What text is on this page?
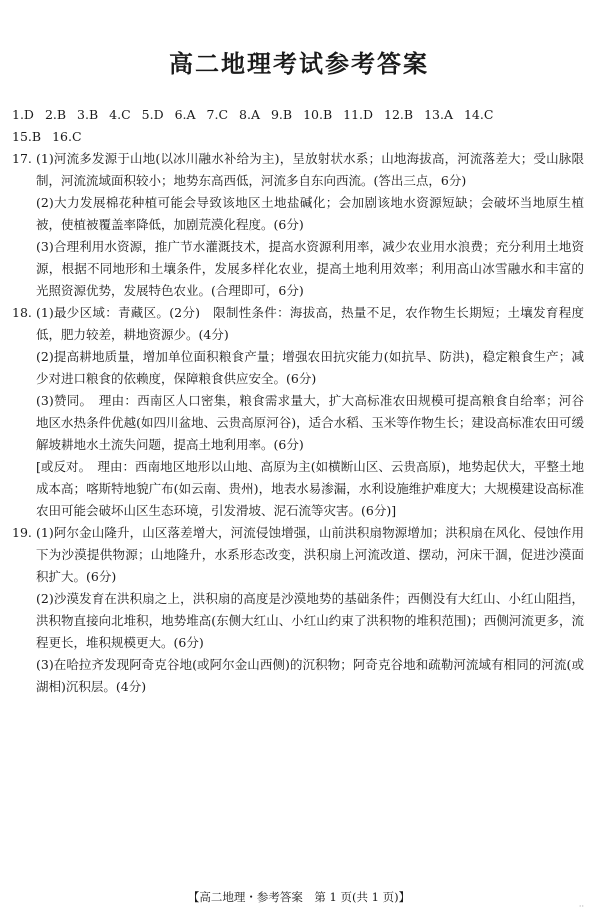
高二地理考试参考答案
1.D 2.B 3.B 4.C 5.D 6.A 7.C 8.A 9.B 10.B 11.D 12.B 13.A 14.C
15.B 16.C
17. (1)河流多发源于山地(以冰川融水补给为主)，呈放射状水系；山地海拔高，河流落差大；受山脉限制，河流流域面积较小；地势东高西低，河流多自东向西流。(答出三点，6分)

(2)大力发展棉花种植可能会导致该地区土地盐碱化；会加剧该地水资源短缺；会破坏当地原生植被，使植被覆盖率降低，加剧荒漠化程度。(6分)

(3)合理利用水资源，推广节水灌溉技术，提高水资源利用率，减少农业用水浪费；充分利用土地资源，根据不同地形和土壤条件，发展多样化农业，提高土地利用效率；利用高山冰雪融水和丰富的光照资源优势，发展特色农业。(合理即可，6分)

18. (1)最少区域：青藏区。(2分)　限制性条件：海拔高，热量不足，农作物生长期短；土壤发育程度低，肥力较差，耕地资源少。(4分)

(2)提高耕地质量，增加单位面积粮食产量；增强农田抗灾能力(如抗旱、防洪)，稳定粮食生产；减少对进口粮食的依赖度，保障粮食供应安全。(6分)

(3)赞同。　理由：西南区人口密集，粮食需求量大，扩大高标准农田规模可提高粮食自给率；河谷地区水热条件优越(如四川盆地、云贵高原河谷)，适合水稻、玉米等作物生长；建设高标准农田可缓解坡耕地水土流失问题，提高土地利用率。(6分)

[或反对。　理由：西南地区地形以山地、高原为主(如横断山区、云贵高原)，地势起伏大，平整土地成本高；喀斯特地貌广布(如云南、贵州)，地表水易渗漏，水利设施维护难度大；大规模建设高标准农田可能会破坏山区生态环境，引发滑坡、泥石流等灾害。(6分)]

19. (1)阿尔金山隆升，山区落差增大，河流侵蚀增强，山前洪积扇物源增加；洪积扇在风化、侵蚀作用下为沙漠提供物源；山地隆升，水系形态改变，洪积扇上河流改道、摆动，河床干涸，促进沙漠面积扩大。(6分)

(2)沙漠发育在洪积扇之上，洪积扇的高度是沙漠地势的基础条件；西侧没有大红山、小红山阻挡，洪积物直接向北堆积，地势堆高(东侧大红山、小红山约束了洪积物的堆积范围)；西侧河流更多，流程更长，堆积规模更大。(6分)

(3)在哈拉齐发现阿奇克谷地(或阿尔金山西侧)的沉积物；阿奇克谷地和疏勒河流域有相同的河流(或湖相)沉积层。(4分)

【高二地理・参考答案　第 1 页(共 1 页)】
··
